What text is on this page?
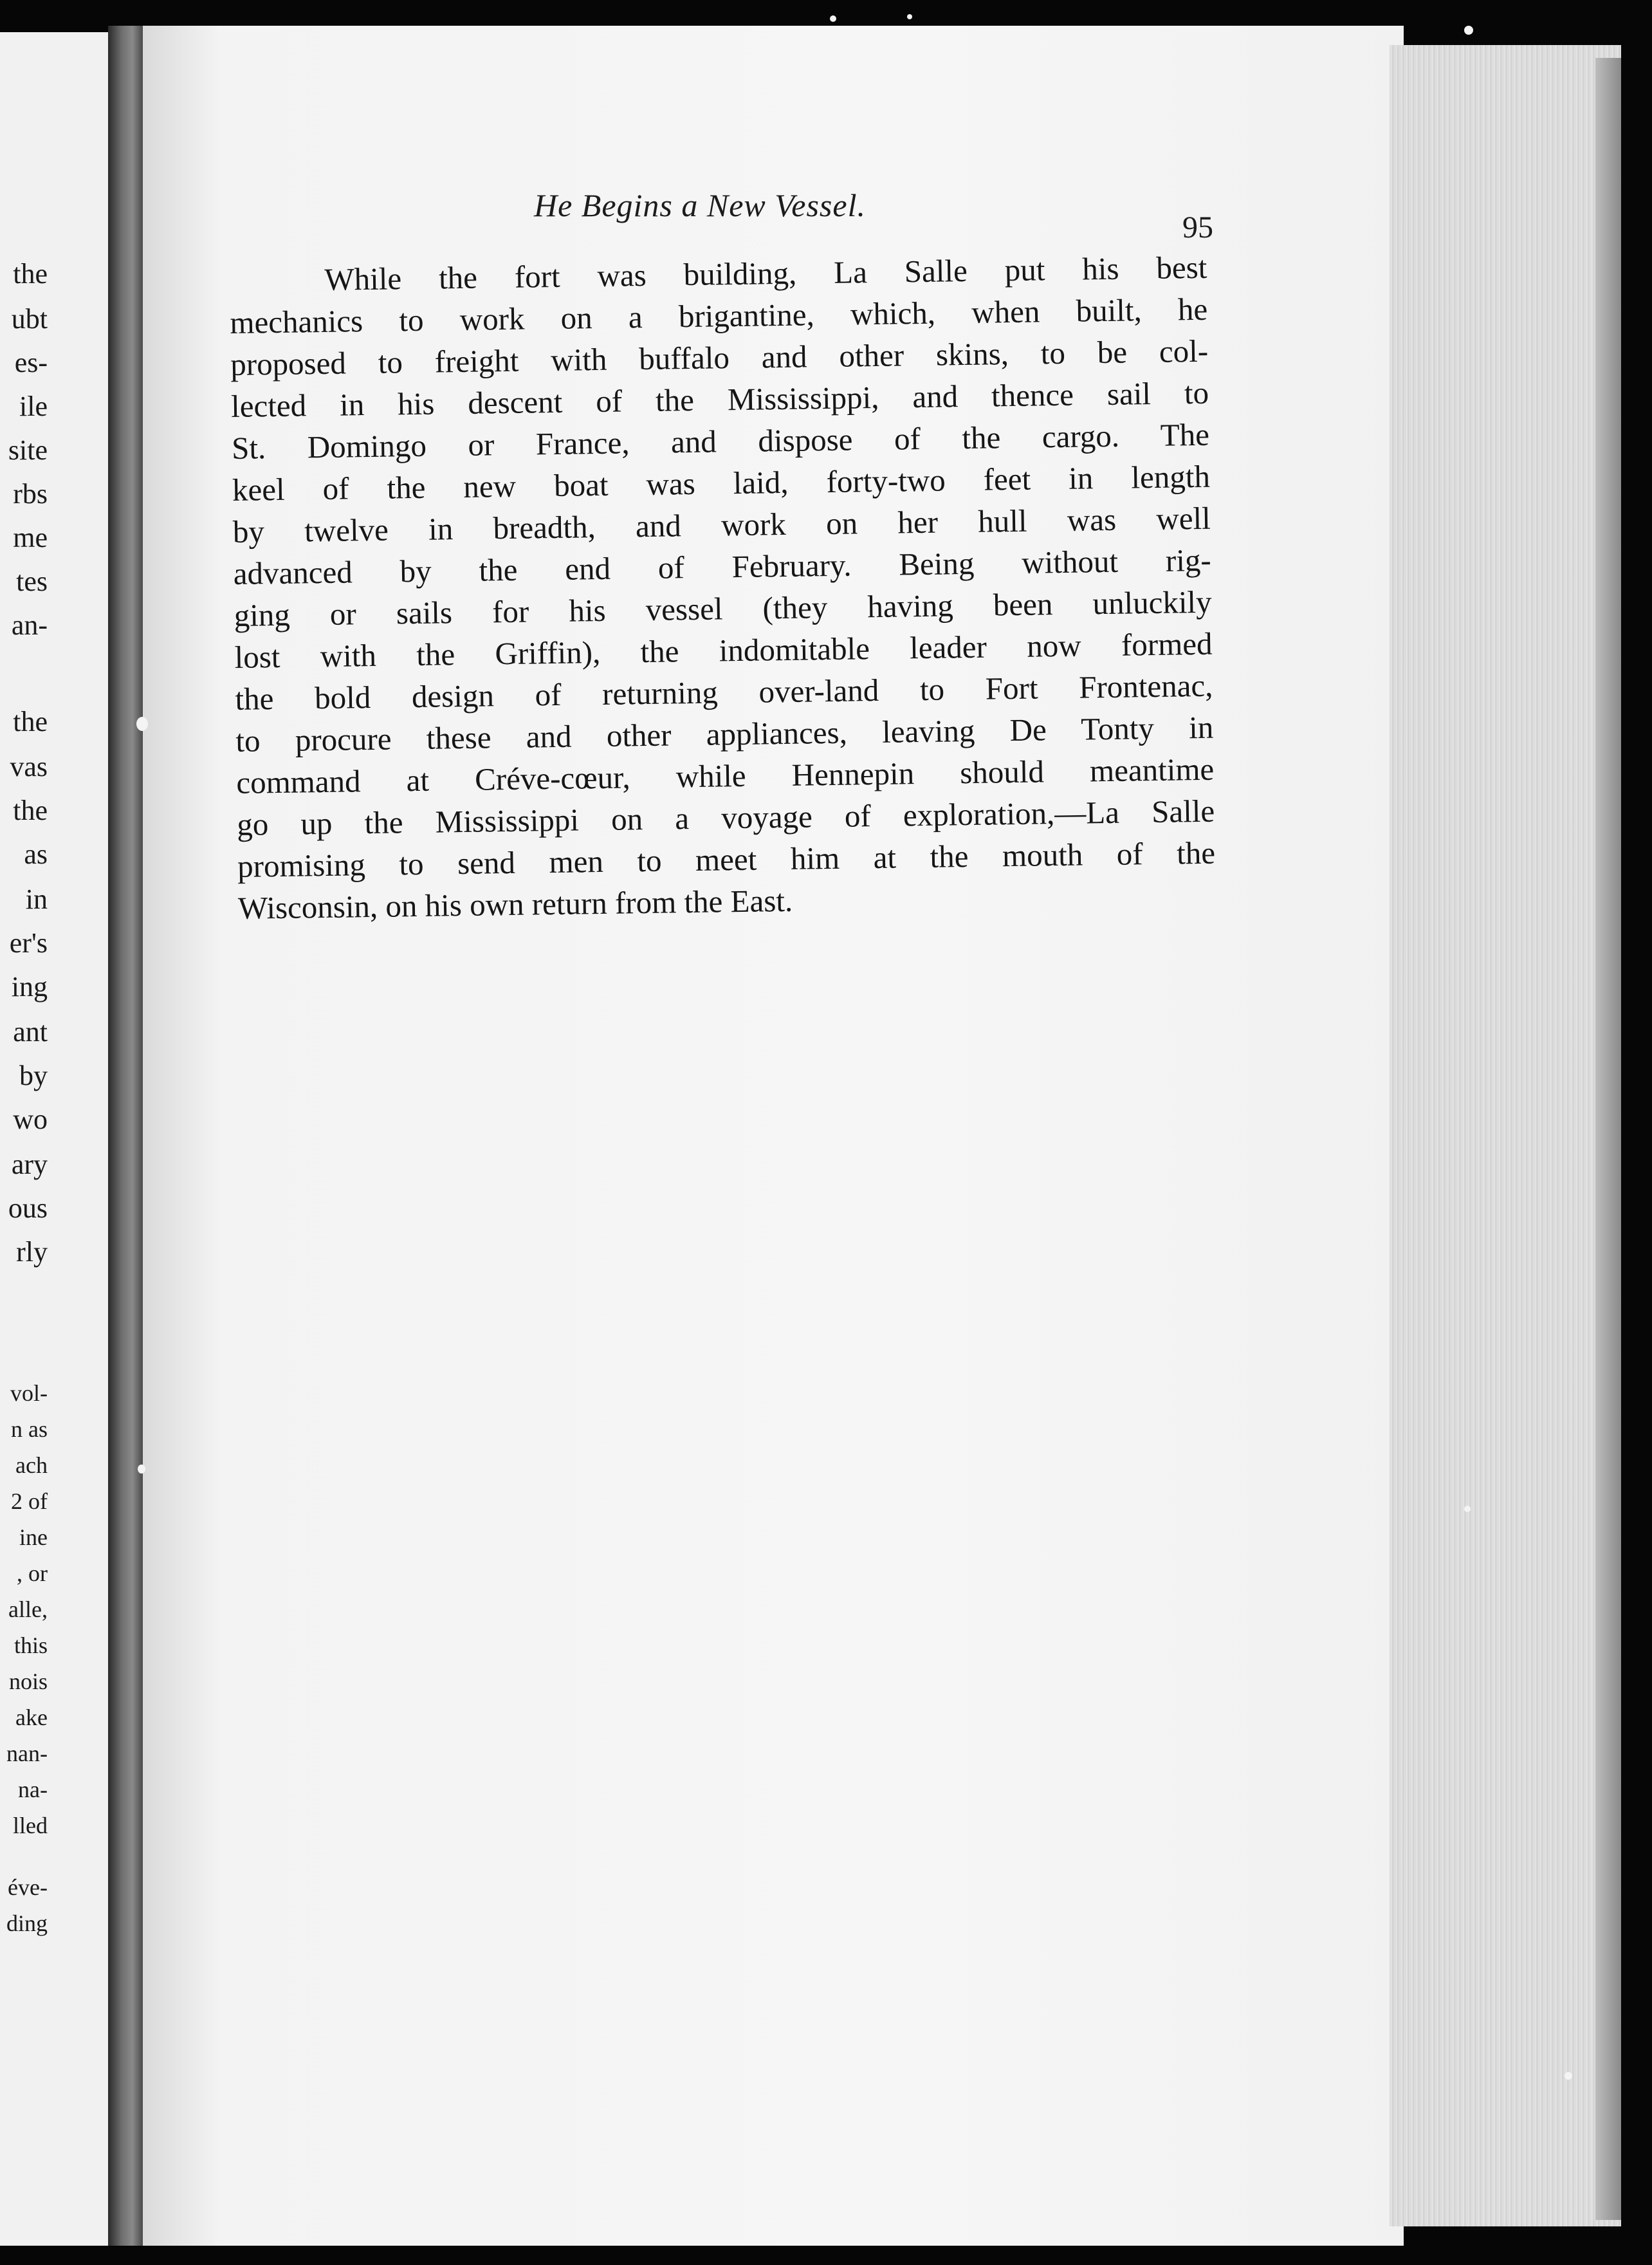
the
ubt
es-
ile
site
rbs
me
tes
an-
the
vas
the
as
in
er's
ing
ant
by
wo
ary
ous
rly
vol-
n as
ach
2 of
ine
, or
alle,
this
nois
ake
nan-
na-
lled
éve-
ding
He Begins a New Vessel.
95
While the fort was building, La Salle put his best
mechanics to work on a brigantine, which, when built, he
proposed to freight with buffalo and other skins, to be col-
lected in his descent of the Mississippi, and thence sail to
St. Domingo or France, and dispose of the cargo. The
keel of the new boat was laid, forty-two feet in length
by twelve in breadth, and work on her hull was well
advanced by the end of February. Being without rig-
ging or sails for his vessel (they having been unluckily
lost with the Griffin), the indomitable leader now formed
the bold design of returning over-land to Fort Frontenac,
to procure these and other appliances, leaving De Tonty in
command at Créve-cœur, while Hennepin should meantime
go up the Mississippi on a voyage of exploration,—La Salle
promising to send men to meet him at the mouth of the
Wisconsin, on his own return from the East.
